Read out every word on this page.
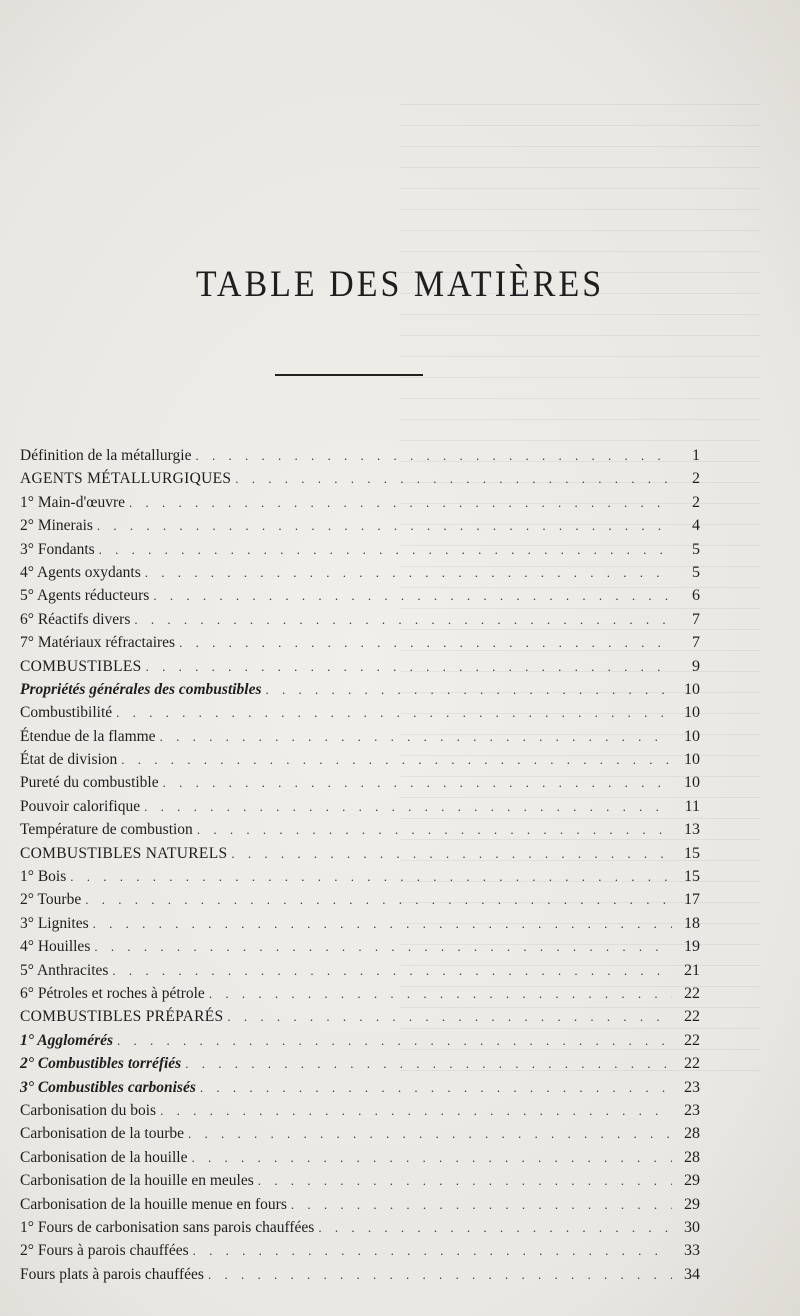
TABLE DES MATIÈRES
Définition de la métallurgie . . .	1
AGENTS MÉTALLURGIQUES . . .	2
1° Main-d'œuvre . . .	2
2° Minerais . . .	4
3° Fondants . . .	5
4° Agents oxydants . . .	5
5° Agents réducteurs . . .	6
6° Réactifs divers . . .	7
7° Matériaux réfractaires . . .	7
COMBUSTIBLES . . .	9
Propriétés générales des combustibles . . .	10
Combustibilité . . .	10
Étendue de la flamme . . .	10
État de division . . .	10
Pureté du combustible . . .	10
Pouvoir calorifique . . .	11
Température de combustion . . .	13
COMBUSTIBLES NATURELS . . .	15
1° Bois . . .	15
2° Tourbe . . .	17
3° Lignites . . .	18
4° Houilles . . .	19
5° Anthracites . . .	21
6° Pétroles et roches à pétrole . . .	22
COMBUSTIBLES PRÉPARÉS . . .	22
1° Agglomérés . . .	22
2° Combustibles torréfiés . . .	22
3° Combustibles carbonisés . . .	23
Carbonisation du bois . . .	23
Carbonisation de la tourbe . . .	28
Carbonisation de la houille . . .	28
Carbonisation de la houille en meules . . .	29
Carbonisation de la houille menue en fours . . .	29
1° Fours de carbonisation sans parois chauffées . . .	30
2° Fours à parois chauffées . . .	33
Fours plats à parois chauffées . . .	34
